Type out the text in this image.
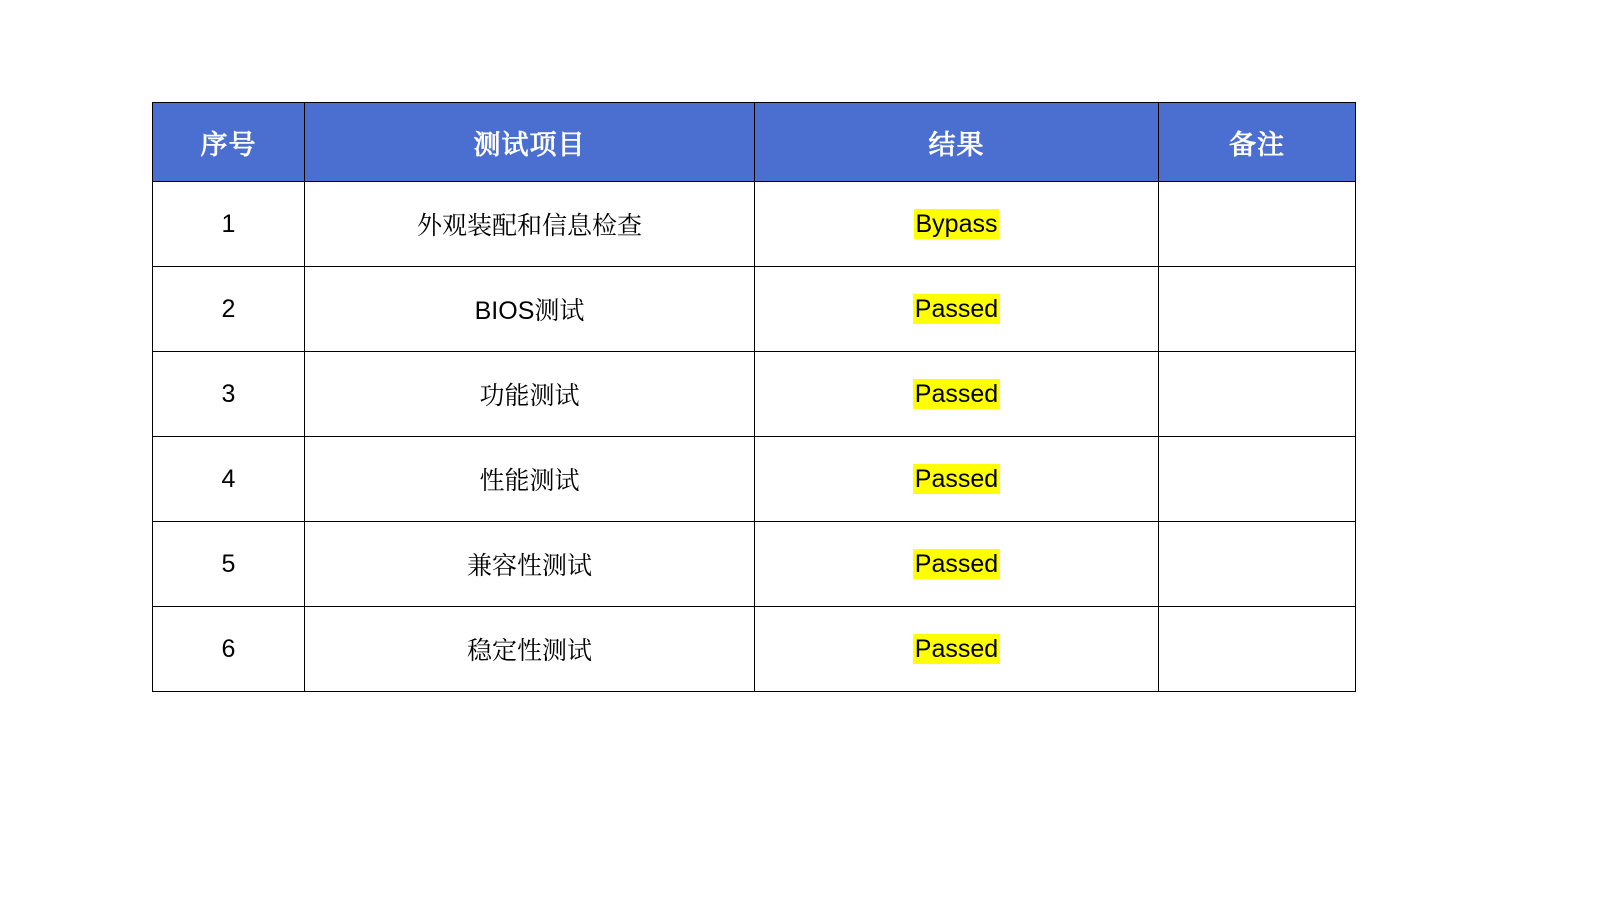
序号	测试项目	结果	备注
1	外观装配和信息检查	Bypass	
2	BIOS测试	Passed	
3	功能测试	Passed	
4	性能测试	Passed	
5	兼容性测试	Passed	
6	稳定性测试	Passed	
